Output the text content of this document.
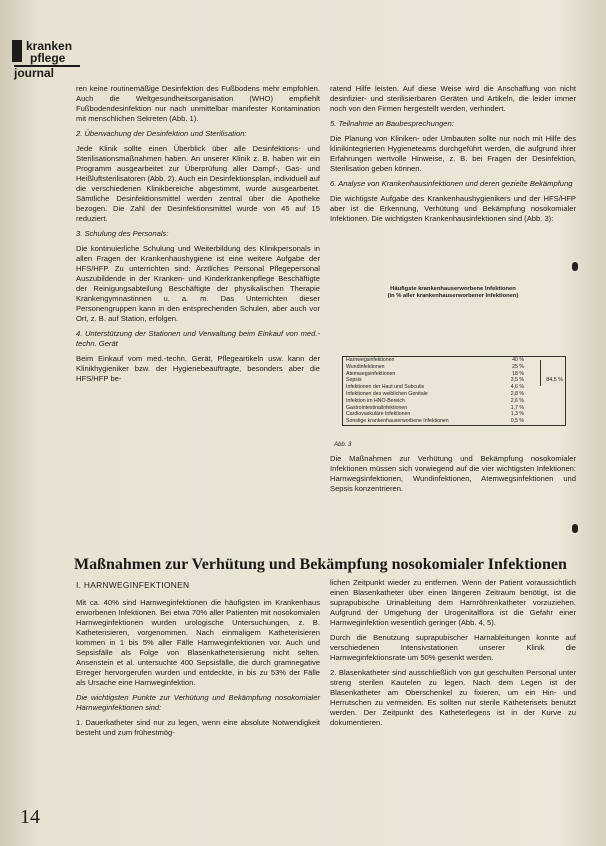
kranken
pflege
journal

ren keine routinemäßige Desinfektion des Fußbodens mehr empfohlen. Auch die Weltgesundheitsorganisation (WHO) empfiehlt Fußbodendesinfektion nur nach unmittelbar manifester Kontamination mit menschlichen Sekreten (Abb. 1).

2. Überwachung der Desinfektion und Sterilisation:

Jede Klinik sollte einen Überblick über alle Desinfektions- und Sterilisationsmaßnahmen haben. An unserer Klinik z. B. haben wir ein Programm ausgearbeitet zur Überprüfung aller Dampf-, Gas- und Heißluftsterilisatoren (Abb. 2). Auch ein Desinfektionsplan, individuell auf die verschiedenen Klinikbereiche abgestimmt, wurde ausgearbeitet. Sämtliche Desinfektionsmittel werden zentral über die Apotheke bezogen. Die Zahl der Desinfektionsmittel wurde von 45 auf 15 reduziert.

3. Schulung des Personals:

Die kontinuierliche Schulung und Weiterbildung des Klinikpersonals in allen Fragen der Krankenhaushygiene ist eine weitere Aufgabe der HFS/HFP. Zu unterrichten sind: Ärztliches Personal Pflegepersonal Auszubildende in der Kranken- und Kinderkrankenpflege Beschäftigte der Reinigungsabteilung Beschäftigte der physikalischen Therapie Krankengymnastinnen u. a. m. Das Unterrichten dieser Personengruppen kann in den entsprechenden Schulen, aber auch vor Ort, z. B. auf Station, erfolgen.

4. Unterstützung der Stationen und Verwaltung beim Einkauf von med.-techn. Gerät

Beim Einkauf vom med.-techn. Gerät, Pflegeartikeln usw. kann der Klinikhygieniker bzw. der Hygienebeauftragte, besonders aber die HFS/HFP be-

ratend Hilfe leisten. Auf diese Weise wird die Anschaffung von nicht desinfizier- und sterilisierbaren Geräten und Artikeln, die leider immer noch von den Firmen hergestellt werden, verhindert.

5. Teilnahme an Baubesprechungen:

Die Planung von Kliniken- oder Umbauten sollte nur noch mit Hilfe des klinikintegrierten Hygieneteams durchgeführt werden, die aufgrund ihrer Erfahrungen wertvolle Hinweise, z. B. bei Fragen der Desinfektion, Sterilisation geben können.

6. Analyse von Krankenhausinfektionen und deren gezielte Bekämpfung

Die wichtigste Aufgabe des Krankenhaushygienikers und der HFS/HFP aber ist die Erkennung, Verhütung und Bekämpfung nosokomialer Infektionen. Die wichtigsten Krankenhausinfektionen sind (Abb. 3):

Häufigste krankenhauserworbene Infektionen
(in % aller krankenhauserworbener Infektionen)
84,5 %
Harnwegsinfektionen	40 %
Wundinfektionen	25 %
Atemwegsinfektionen	18 %
Sepsis	3,5 %
Infektionen der Haut und Subcutis	4,6 %
Infektionen des weiblichen Genitale	2,8 %
Infektion im HNO-Bereich	2,6 %
Gastrointestinalinfektionen	1,7 %
Cardiovaskuläre Infektionen	1,3 %
Sonstige krankenhauserworbene Infektionen	0,5 %
Abb. 3

Die Maßnahmen zur Verhütung und Bekämpfung nosokomialer Infektionen müssen sich vorwiegend auf die vier wichtigsten Infektionen: Harnwegsinfektionen, Wundinfektionen, Atemwegsinfektionen und Sepsis konzentrieren.

Maßnahmen zur Verhütung und Bekämpfung nosokomialer Infektionen

I. HARNWEGINFEKTIONEN

Mit ca. 40% sind Harnweginfektionen die häufigsten im Krankenhaus erworbenen Infektionen. Bei etwa 70% aller Patienten mit nosokomialen Harnweginfektionen wurden urologische Untersuchungen, z. B. Katheterisieren, vorgenommen. Nach einmaligem Katheterisieren kommen in 1 bis 5% aller Fälle Harnweginfektionen vor. Auch und Sepsisfälle als Folge von Blasenkatheterisierung nicht selten. Ansenstein et al. untersuchte 400 Sepsisfälle, die durch gramnegative Erreger hervorgerufen wurden und entdeckte, in bis zu 53% der Fälle als Ursache eine Harnweginfektion.

Die wichtigsten Punkte zur Verhütung und Bekämpfung nosokomialer Harnweginfektionen sind:

1. Dauerkatheter sind nur zu legen, wenn eine absolute Notwendigkeit besteht und zum frühestmög-

lichen Zeitpunkt wieder zu entfernen. Wenn der Patient voraussichtlich einen Blasenkatheter über einen längeren Zeitraum benötigt, ist die suprapubische Urinableitung dem Harnröhrenkatheter vorzuziehen. Aufgrund der Umgehung der Urogenitalflora ist die Gefahr einer Harnweginfektion wesentlich geringer (Abb. 4, 5).

Durch die Benutzung suprapubischer Harnableitungen konnte auf verschiedenen Intensivstationen unserer Klinik die Harnweginfektionsrate um 50% gesenkt werden.

2. Blasenkatheter sind ausschließlich von gut geschulten Personal unter streng sterilen Kautelen zu legen. Nach dem Legen ist der Blasenkatheter am Oberschenkel zu fixieren, um ein Hin- und Herrutschen zu vermeiden. Es sollten nur sterile Katheterisets benutzt werden. Der Zeitpunkt des Katheterlegens ist in der Kurve zu dokumentieren.

14
